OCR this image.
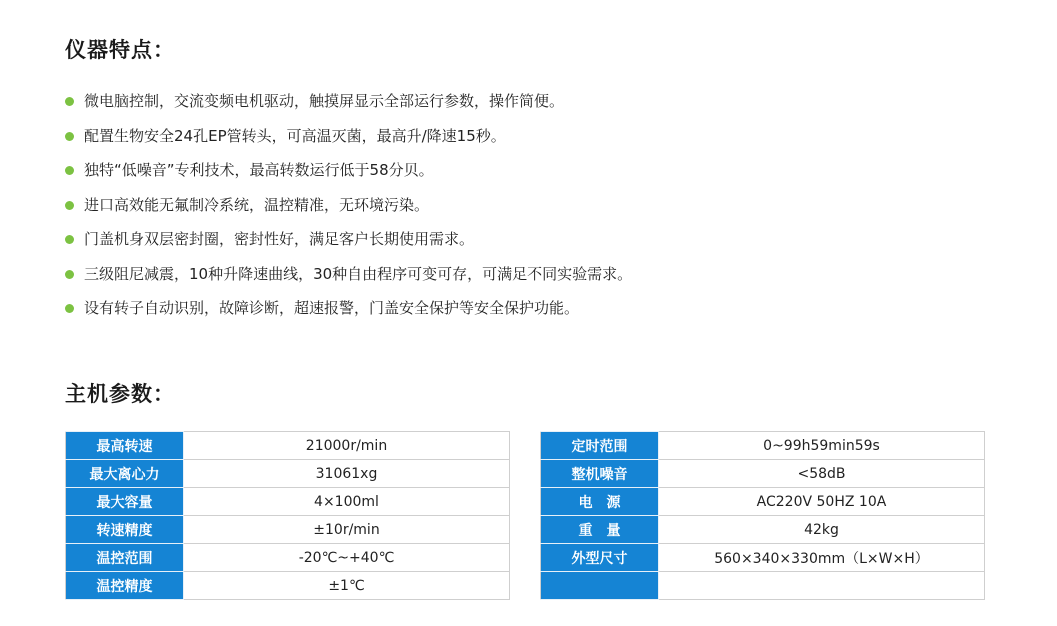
仪器特点：
微电脑控制，交流变频电机驱动，触摸屏显示全部运行参数，操作简便。
配置生物安全24孔EP管转头，可高温灭菌，最高升/降速15秒。
独特“低噪音”专利技术，最高转数运行低于58分贝。
进口高效能无氟制冷系统，温控精准，无环境污染。
门盖机身双层密封圈，密封性好，满足客户长期使用需求。
三级阻尼减震，10种升降速曲线，30种自由程序可变可存，可满足不同实验需求。
设有转子自动识别，故障诊断，超速报警，门盖安全保护等安全保护功能。
主机参数：
最高转速	21000r/min
最大离心力	31061xg
最大容量	4×100ml
转速精度	±10r/min
温控范围	-20℃~+40℃
温控精度	±1℃
定时范围	0~99h59min59s
整机噪音	<58dB
电　源	AC220V 50HZ 10A
重　量	42kg
外型尺寸	560×340×330mm（L×W×H）
